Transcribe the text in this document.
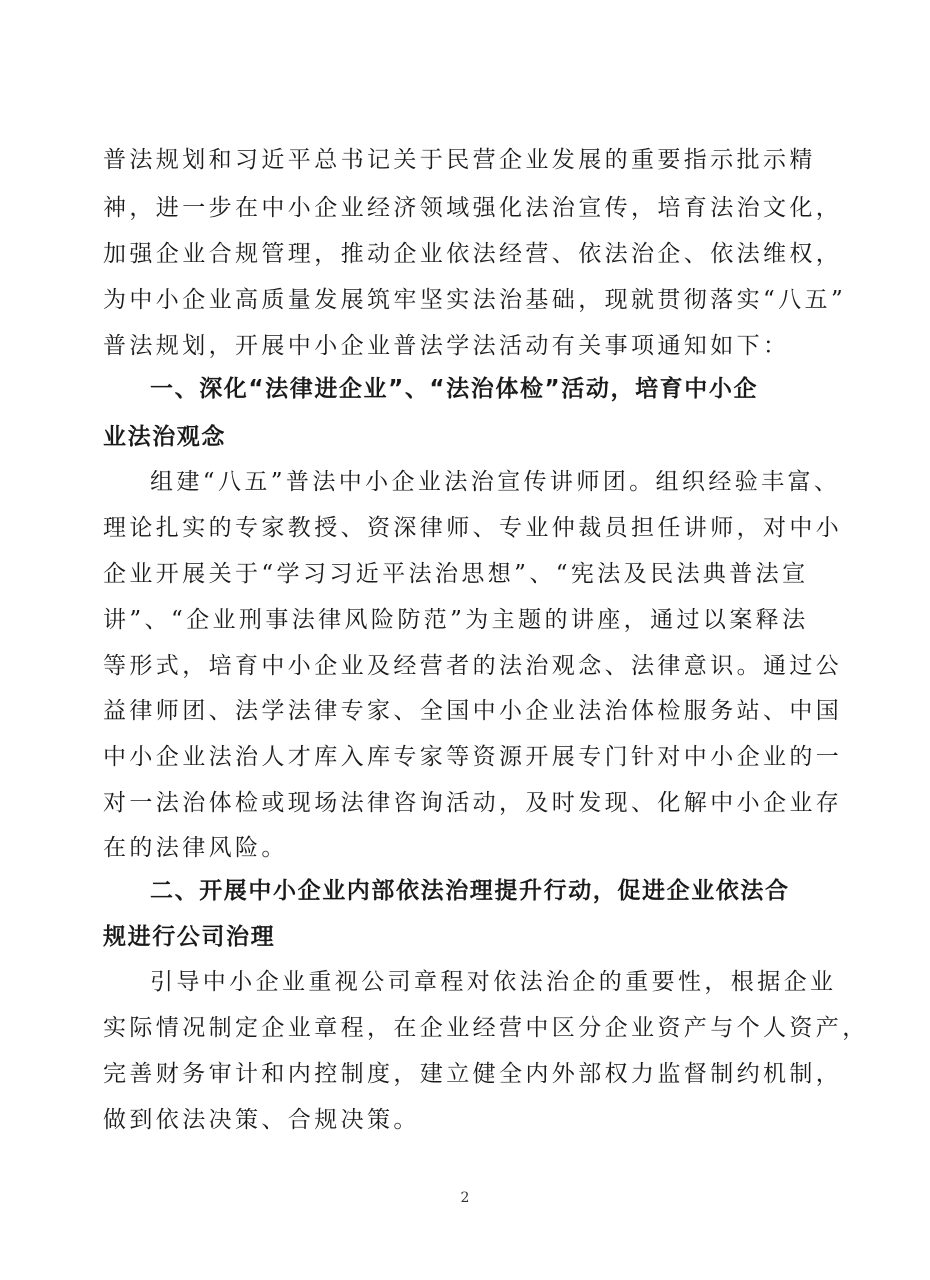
普法规划和习近平总书记关于民营企业发展的重要指示批示精
神，进一步在中小企业经济领域强化法治宣传，培育法治文化，
加强企业合规管理，推动企业依法经营、依法治企、依法维权，
为中小企业高质量发展筑牢坚实法治基础，现就贯彻落实“八五”
普法规划，开展中小企业普法学法活动有关事项通知如下：
一、深化“法律进企业”、“法治体检”活动，培育中小企
业法治观念
组建“八五”普法中小企业法治宣传讲师团。组织经验丰富、
理论扎实的专家教授、资深律师、专业仲裁员担任讲师，对中小
企业开展关于“学习习近平法治思想”、“宪法及民法典普法宣
讲”、“企业刑事法律风险防范”为主题的讲座，通过以案释法
等形式，培育中小企业及经营者的法治观念、法律意识。通过公
益律师团、法学法律专家、全国中小企业法治体检服务站、中国
中小企业法治人才库入库专家等资源开展专门针对中小企业的一
对一法治体检或现场法律咨询活动，及时发现、化解中小企业存
在的法律风险。
二、开展中小企业内部依法治理提升行动，促进企业依法合
规进行公司治理
引导中小企业重视公司章程对依法治企的重要性，根据企业
实际情况制定企业章程，在企业经营中区分企业资产与个人资产，
完善财务审计和内控制度，建立健全内外部权力监督制约机制，
做到依法决策、合规决策。
2
